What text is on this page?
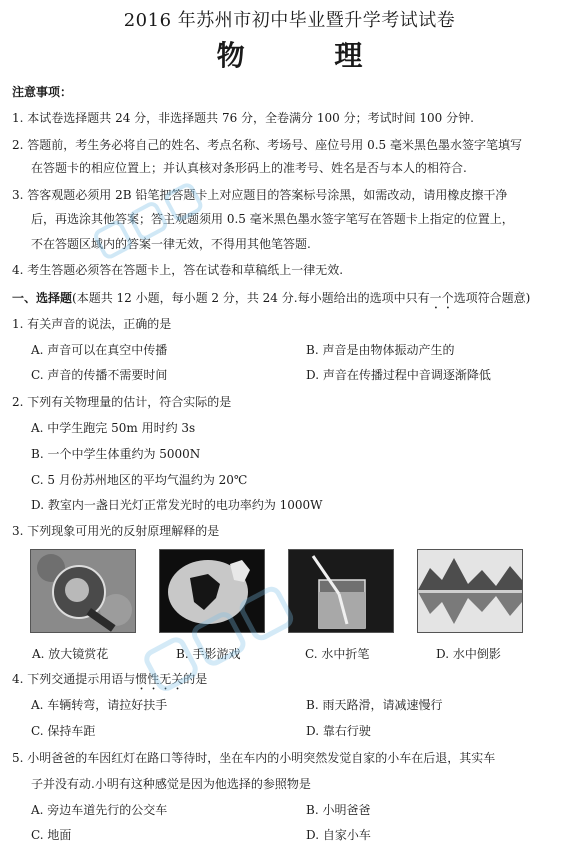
2016 年苏州市初中毕业暨升学考试试卷
物 理
注意事项：
1. 本试卷选择题共 24 分，非选择题共 76 分，全卷满分 100 分；考试时间 100 分钟.
2. 答题前，考生务必将自己的姓名、考点名称、考场号、座位号用 0.5 毫米黑色墨水签字笔填写
在答题卡的相应位置上；并认真核对条形码上的准考号、姓名是否与本人的相符合.
3. 答客观题必须用 2B 铅笔把答题卡上对应题目的答案标号涂黑，如需改动，请用橡皮擦干净
后，再选涂其他答案；答主观题须用 0.5 毫米黑色墨水签字笔写在答题卡上指定的位置上，
不在答题区域内的答案一律无效，不得用其他笔答题.
4. 考生答题必须答在答题卡上，答在试卷和草稿纸上一律无效.
一、选择题(本题共 12 小题，每小题 2 分，共 24 分.每小题给出的选项中只有一个选项符合题意)
1. 有关声音的说法，正确的是
A. 声音可以在真空中传播	B. 声音是由物体振动产生的
C. 声音的传播不需要时间	D. 声音在传播过程中音调逐渐降低
2. 下列有关物理量的估计，符合实际的是
A. 中学生跑完 50m 用时约 3s
B. 一个中学生体重约为 5000N
C. 5 月份苏州地区的平均气温约为 20℃
D. 教室内一盏日光灯正常发光时的电功率约为 1000W
3. 下列现象可用光的反射原理解释的是
A. 放大镜赏花	B. 手影游戏	C. 水中折笔	D. 水中倒影
4. 下列交通提示用语与惯性无关的是
A. 车辆转弯，请拉好扶手	B. 雨天路滑，请减速慢行
C. 保持车距	D. 靠右行驶
5. 小明爸爸的车因红灯在路口等待时，坐在车内的小明突然发觉自家的小车在后退，其实车
子并没有动.小明有这种感觉是因为他选择的参照物是
A. 旁边车道先行的公交车	B. 小明爸爸
C. 地面	D. 自家小车
